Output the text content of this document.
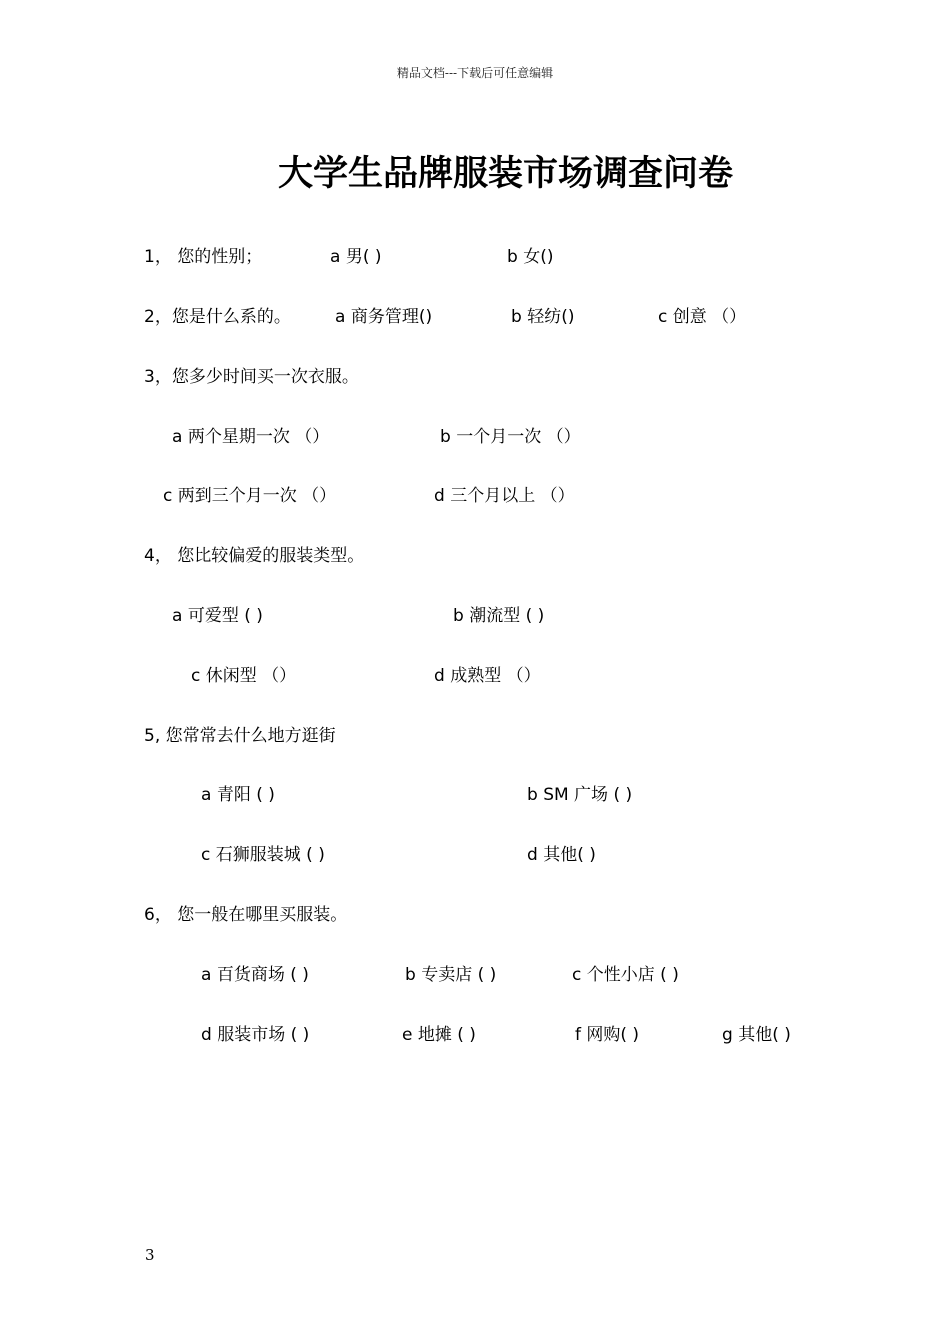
精品文档---下载后可任意编辑
大学生品牌服装市场调查问卷
1， 您的性别；	a 男( )	b 女()
2，您是什么系的。	a 商务管理()	b 轻纺()	c 创意 （）
3，您多少时间买一次衣服。
a 两个星期一次 （）	b 一个月一次 （）
c 两到三个月一次 （）	d 三个月以上 （）
4， 您比较偏爱的服装类型。
a 可爱型 ( )	b 潮流型 ( )
c 休闲型 （）	d 成熟型 （）
5, 您常常去什么地方逛街
a 青阳 ( )	b SM 广场 ( )
c 石狮服装城 ( )	d 其他( )
6， 您一般在哪里买服装。
a 百货商场 ( )	b 专卖店 ( )	c 个性小店 ( )
d 服装市场 ( )	e 地摊 ( )	f 网购( )	g 其他( )
3
